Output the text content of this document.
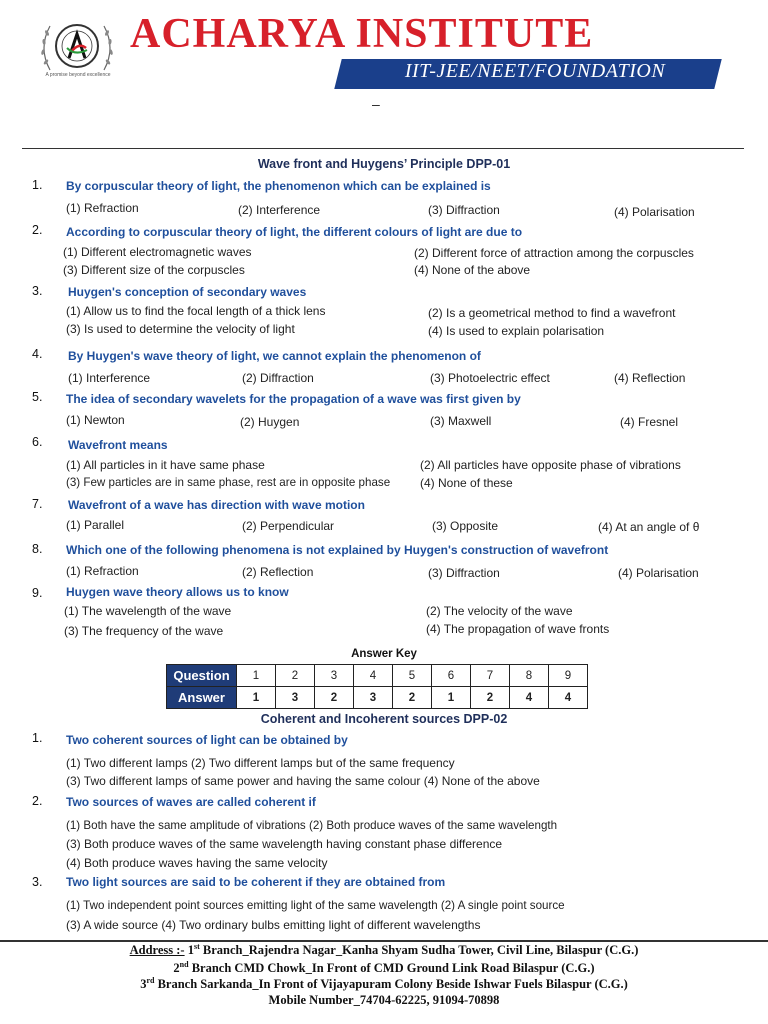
A promise beyond excellence
ACHARYA INSTITUTE
IIT-JEE/NEET/FOUNDATION
–
Wave front and Huygens’ Principle DPP-01
1. By corpuscular theory of light, the phenomenon which can be explained is
(1) Refraction	(2) Interference	(3) Diffraction	(4) Polarisation
2. According to corpuscular theory of light, the different colours of light are due to
(1) Different electromagnetic waves	(2) Different force of attraction among the corpuscles
(3) Different size of the corpuscles	(4) None of the above
3. Huygen's conception of secondary waves
(1) Allow us to find the focal length of a thick lens	(2) Is a geometrical method to find a wavefront
(3) Is used to determine the velocity of light	(4) Is used to explain polarisation
4. By Huygen's wave theory of light, we cannot explain the phenomenon of
(1) Interference	(2) Diffraction	(3) Photoelectric effect	(4) Reflection
5. The idea of secondary wavelets for the propagation of a wave was first given by
(1) Newton	(2) Huygen	(3) Maxwell	(4) Fresnel
6. Wavefront means
(1) All particles in it have same phase	(2) All particles have opposite phase of vibrations
(3) Few particles are in same phase, rest are in opposite phase (4) None of these
7. Wavefront of a wave has direction with wave motion
(1) Parallel	(2) Perpendicular	(3) Opposite	(4) At an angle of θ
8. Which one of the following phenomena is not explained by Huygen's construction of wavefront
(1) Refraction	(2) Reflection	(3) Diffraction	(4) Polarisation
9. Huygen wave theory allows us to know
(1) The wavelength of the wave	(2) The velocity of the wave
(3) The frequency of the wave	(4) The propagation of wave fronts
Answer Key
Question	1	2	3	4	5	6	7	8	9
Answer	1	3	2	3	2	1	2	4	4
Coherent and Incoherent sources DPP-02
1. Two coherent sources of light can be obtained by
(1) Two different lamps (2) Two different lamps but of the same frequency
(3) Two different lamps of same power and having the same colour (4) None of the above
2. Two sources of waves are called coherent if
(1) Both have the same amplitude of vibrations (2) Both produce waves of the same wavelength
(3) Both produce waves of the same wavelength having constant phase difference
(4) Both produce waves having the same velocity
3. Two light sources are said to be coherent if they are obtained from
(1) Two independent point sources emitting light of the same wavelength (2) A single point source
(3) A wide source (4) Two ordinary bulbs emitting light of different wavelengths
Address :- 1st Branch_Rajendra Nagar_Kanha Shyam Sudha Tower, Civil Line, Bilaspur (C.G.)
2nd Branch CMD Chowk_In Front of CMD Ground Link Road Bilaspur (C.G.)
3rd Branch Sarkanda_In Front of Vijayapuram Colony Beside Ishwar Fuels Bilaspur (C.G.)
Mobile Number_74704-62225, 91094-70898
